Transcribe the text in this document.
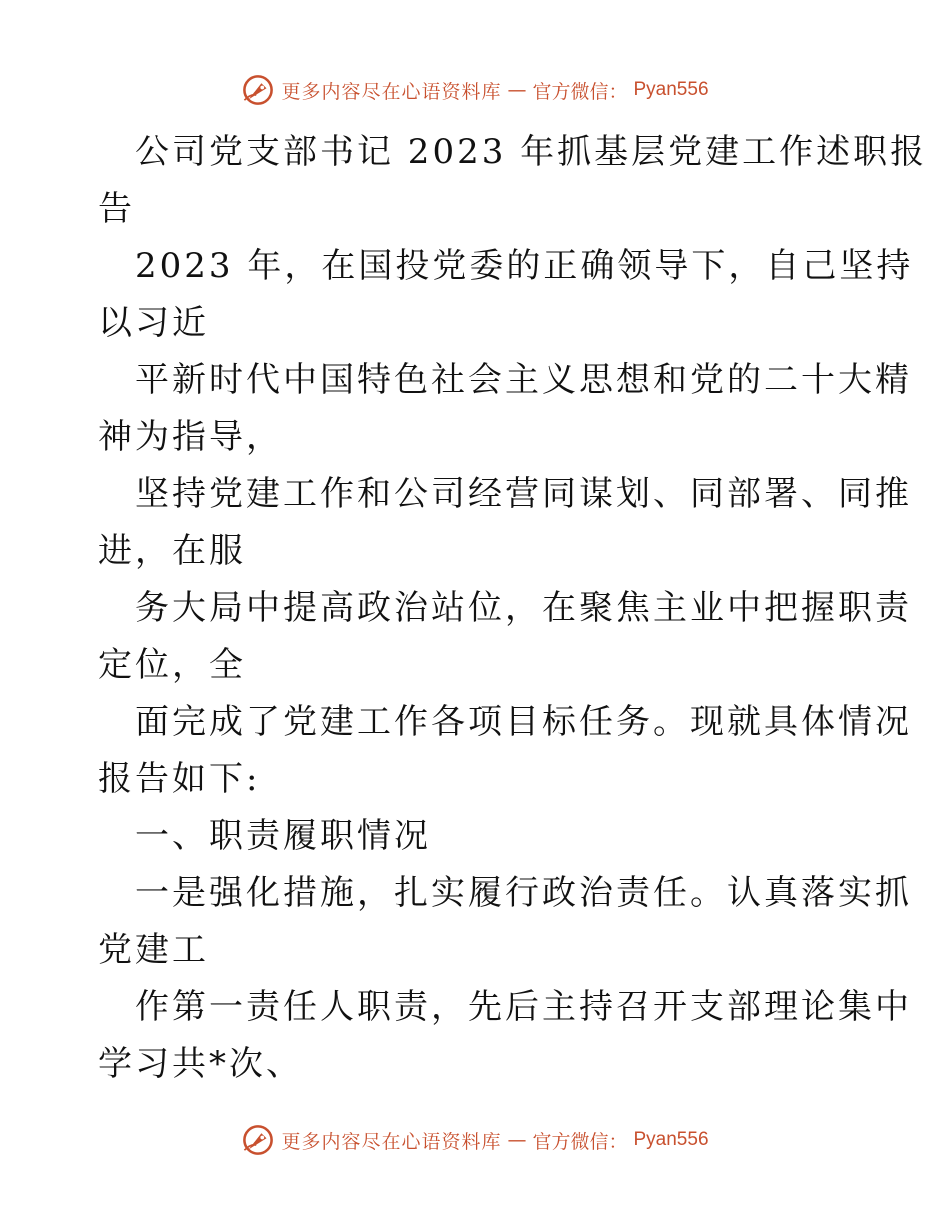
更多内容尽在心语资料库 — 官方微信： Pyan556
公司党支部书记 2023 年抓基层党建工作述职报
告
2023 年，在国投党委的正确领导下，自己坚持
以习近
平新时代中国特色社会主义思想和党的二十大精
神为指导，
坚持党建工作和公司经营同谋划、同部署、同推
进，在服
务大局中提高政治站位，在聚焦主业中把握职责
定位，全
面完成了党建工作各项目标任务。现就具体情况
报告如下:
一、职责履职情况
一是强化措施，扎实履行政治责任。认真落实抓
党建工
作第一责任人职责，先后主持召开支部理论集中
学习共*次、
更多内容尽在心语资料库 — 官方微信： Pyan556
